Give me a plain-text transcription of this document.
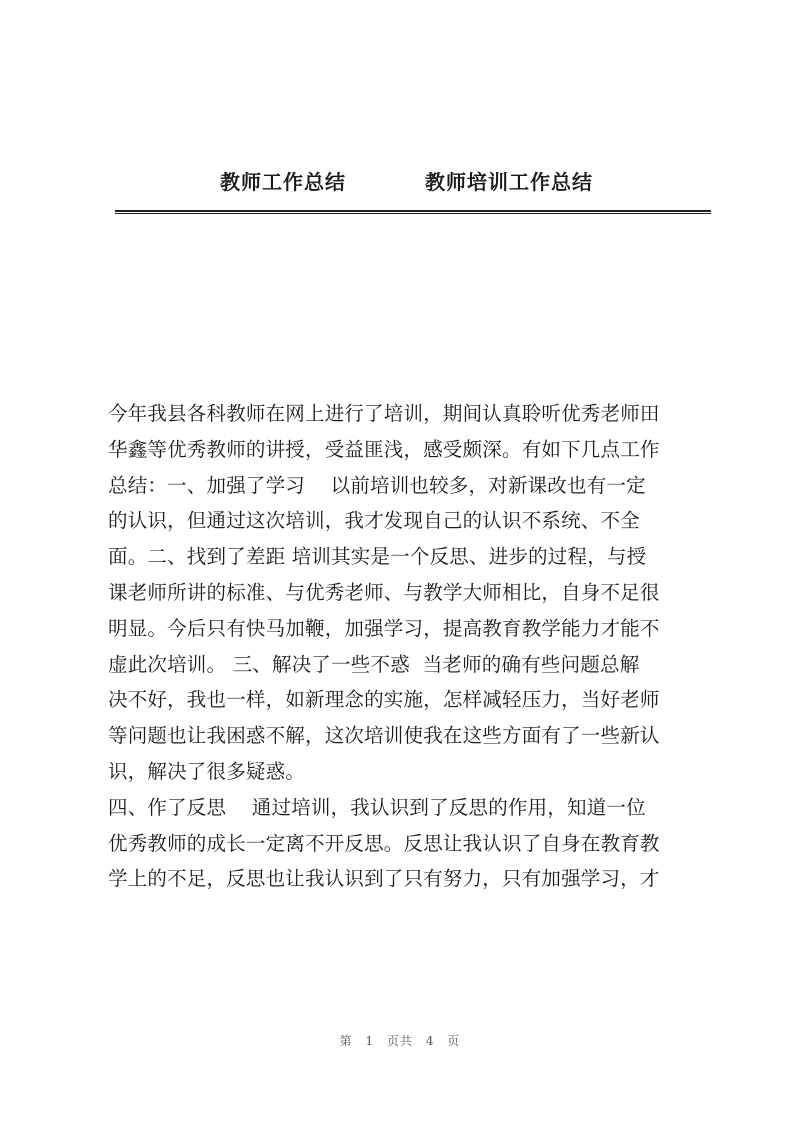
教师工作总结	教师培训工作总结
今年我县各科教师在网上进行了培训，期间认真聆听优秀老师田
华鑫等优秀教师的讲授，受益匪浅，感受颇深。有如下几点工作
总结：一、加强了学习    以前培训也较多，对新课改也有一定
的认识，但通过这次培训，我才发现自己的认识不系统、不全
面。二、找到了差距 培训其实是一个反思、进步的过程，与授
课老师所讲的标准、与优秀老师、与教学大师相比，自身不足很
明显。今后只有快马加鞭，加强学习，提高教育教学能力才能不
虚此次培训。 三、解决了一些不惑  当老师的确有些问题总解
决不好，我也一样，如新理念的实施，怎样减轻压力，当好老师
等问题也让我困惑不解，这次培训使我在这些方面有了一些新认
识，解决了很多疑惑。
四、作了反思    通过培训，我认识到了反思的作用，知道一位
优秀教师的成长一定离不开反思。反思让我认识了自身在教育教
学上的不足，反思也让我认识到了只有努力，只有加强学习，才
第 1 页共 4 页
